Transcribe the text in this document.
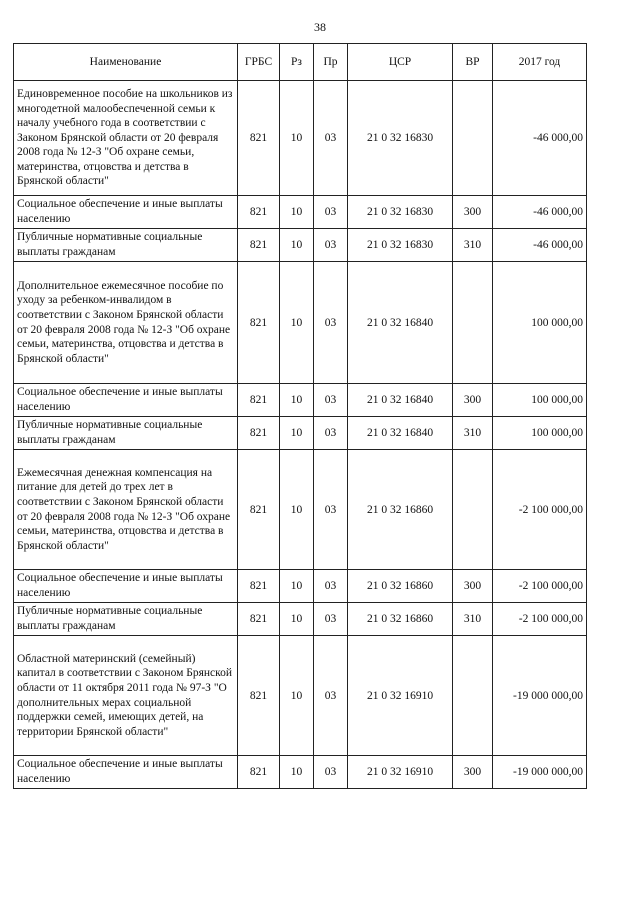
38
Наименование	ГРБС	Рз	Пр	ЦСР	ВР	2017 год
Единовременное пособие на школьников из многодетной малообеспеченной семьи к началу учебного года в соответствии с Законом Брянской области от 20 февраля 2008 года № 12-З "Об охране семьи, материнства, отцовства и детства в Брянской области"	821	10	03	21 0 32 16830		-46 000,00
Социальное обеспечение и иные выплаты населению	821	10	03	21 0 32 16830	300	-46 000,00
Публичные нормативные социальные выплаты гражданам	821	10	03	21 0 32 16830	310	-46 000,00
Дополнительное ежемесячное пособие по уходу за ребенком-инвалидом в соответствии с Законом Брянской области от 20 февраля 2008 года № 12-З "Об охране семьи, материнства, отцовства и детства в Брянской области"	821	10	03	21 0 32 16840		100 000,00
Социальное обеспечение и иные выплаты населению	821	10	03	21 0 32 16840	300	100 000,00
Публичные нормативные социальные выплаты гражданам	821	10	03	21 0 32 16840	310	100 000,00
Ежемесячная денежная компенсация на питание для детей до трех лет в соответствии с Законом Брянской области от 20 февраля 2008 года № 12-З "Об охране семьи, материнства, отцовства и детства в Брянской области"	821	10	03	21 0 32 16860		-2 100 000,00
Социальное обеспечение и иные выплаты населению	821	10	03	21 0 32 16860	300	-2 100 000,00
Публичные нормативные социальные выплаты гражданам	821	10	03	21 0 32 16860	310	-2 100 000,00
Областной материнский (семейный) капитал в соответствии с Законом Брянской области от 11 октября 2011 года № 97-З "О дополнительных мерах социальной поддержки семей, имеющих детей, на территории Брянской области"	821	10	03	21 0 32 16910		-19 000 000,00
Социальное обеспечение и иные выплаты населению	821	10	03	21 0 32 16910	300	-19 000 000,00
